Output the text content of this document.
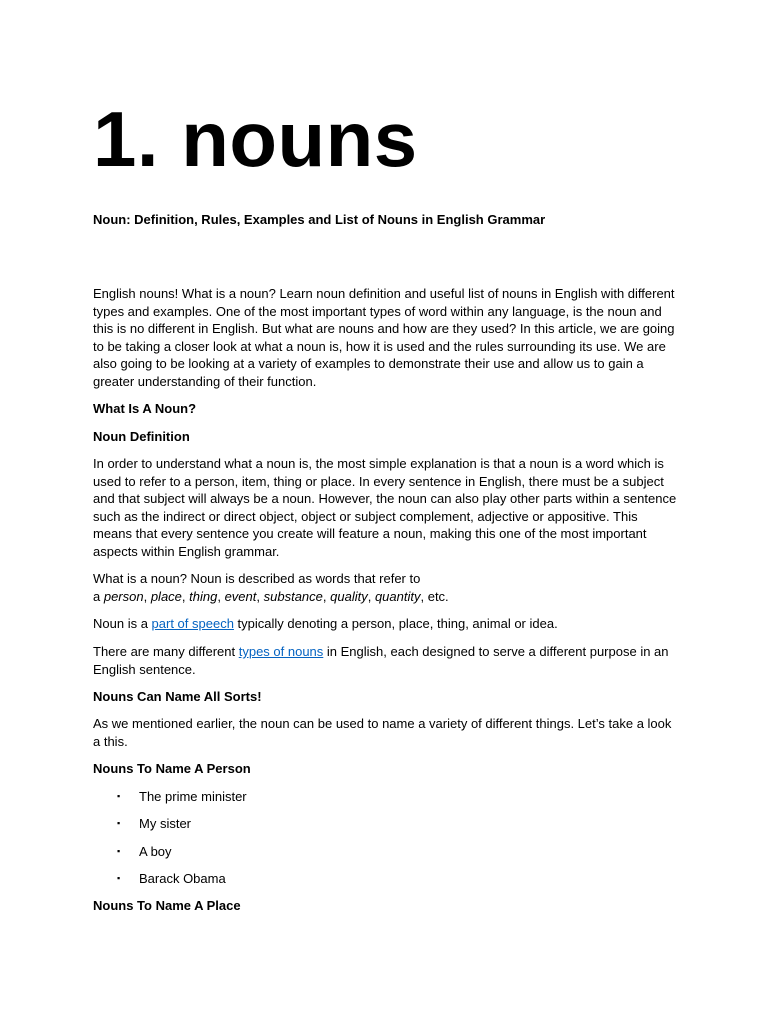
1. nouns

Noun: Definition, Rules, Examples and List of Nouns in English Grammar

English nouns! What is a noun? Learn noun definition and useful list of nouns in English with different types and examples. One of the most important types of word within any language, is the noun and this is no different in English. But what are nouns and how are they used? In this article, we are going to be taking a closer look at what a noun is, how it is used and the rules surrounding its use. We are also going to be looking at a variety of examples to demonstrate their use and allow us to gain a greater understanding of their function.

What Is A Noun?

Noun Definition

In order to understand what a noun is, the most simple explanation is that a noun is a word which is used to refer to a person, item, thing or place. In every sentence in English, there must be a subject and that subject will always be a noun. However, the noun can also play other parts within a sentence such as the indirect or direct object, object or subject complement, adjective or appositive. This means that every sentence you create will feature a noun, making this one of the most important aspects within English grammar.

What is a noun? Noun is described as words that refer to
a person, place, thing, event, substance, quality, quantity, etc.

Noun is a part of speech typically denoting a person, place, thing, animal or idea.

There are many different types of nouns in English, each designed to serve a different purpose in an
English sentence.

Nouns Can Name All Sorts!

As we mentioned earlier, the noun can be used to name a variety of different things. Let’s take a look a this.

Nouns To Name A Person

▪ The prime minister
▪ My sister
▪ A boy
▪ Barack Obama

Nouns To Name A Place
